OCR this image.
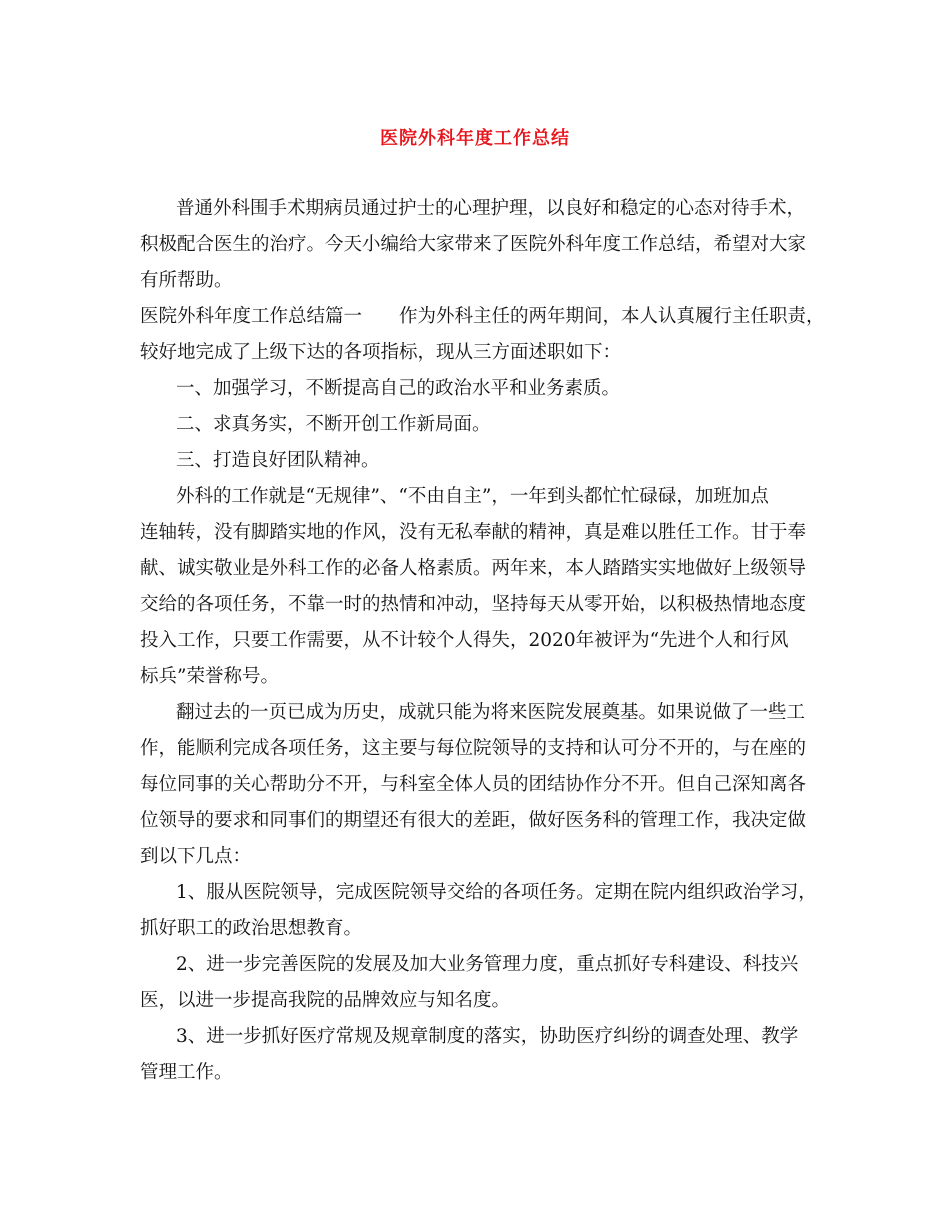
医院外科年度工作总结
普通外科围手术期病员通过护士的心理护理，以良好和稳定的心态对待手术，
积极配合医生的治疗。今天小编给大家带来了医院外科年度工作总结，希望对大家
有所帮助。
医院外科年度工作总结篇一　　作为外科主任的两年期间，本人认真履行主任职责，
较好地完成了上级下达的各项指标，现从三方面述职如下：
一、加强学习，不断提高自己的政治水平和业务素质。
二、求真务实，不断开创工作新局面。
三、打造良好团队精神。
外科的工作就是“无规律”、“不由自主”，一年到头都忙忙碌碌，加班加点
连轴转，没有脚踏实地的作风，没有无私奉献的精神，真是难以胜任工作。甘于奉
献、诚实敬业是外科工作的必备人格素质。两年来，本人踏踏实实地做好上级领导
交给的各项任务，不靠一时的热情和冲动，坚持每天从零开始，以积极热情地态度
投入工作，只要工作需要，从不计较个人得失，2020年被评为“先进个人和行风
标兵”荣誉称号。
翻过去的一页已成为历史，成就只能为将来医院发展奠基。如果说做了一些工
作，能顺利完成各项任务，这主要与每位院领导的支持和认可分不开的，与在座的
每位同事的关心帮助分不开，与科室全体人员的团结协作分不开。但自己深知离各
位领导的要求和同事们的期望还有很大的差距，做好医务科的管理工作，我决定做
到以下几点：
1、服从医院领导，完成医院领导交给的各项任务。定期在院内组织政治学习，
抓好职工的政治思想教育。
2、进一步完善医院的发展及加大业务管理力度，重点抓好专科建设、科技兴
医，以进一步提高我院的品牌效应与知名度。
3、进一步抓好医疗常规及规章制度的落实，协助医疗纠纷的调查处理、教学
管理工作。
